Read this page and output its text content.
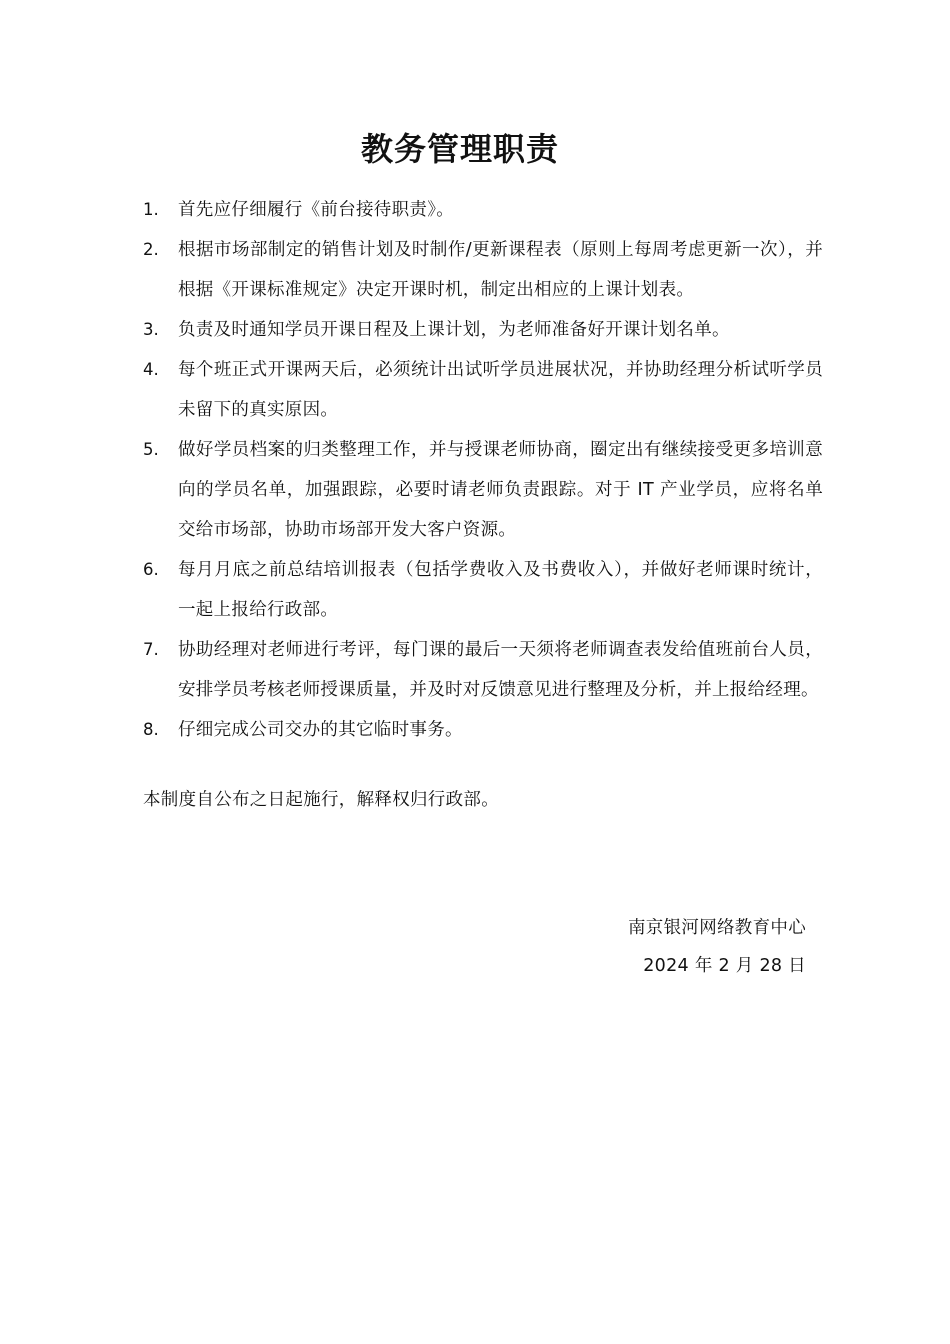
教务管理职责
1.	首先应仔细履行《前台接待职责》。
2.	根据市场部制定的销售计划及时制作/更新课程表（原则上每周考虑更新一次），并根据《开课标准规定》决定开课时机，制定出相应的上课计划表。
3.	负责及时通知学员开课日程及上课计划，为老师准备好开课计划名单。
4.	每个班正式开课两天后，必须统计出试听学员进展状况，并协助经理分析试听学员未留下的真实原因。
5.	做好学员档案的归类整理工作，并与授课老师协商，圈定出有继续接受更多培训意向的学员名单，加强跟踪，必要时请老师负责跟踪。对于 IT 产业学员，应将名单交给市场部，协助市场部开发大客户资源。
6.	每月月底之前总结培训报表（包括学费收入及书费收入），并做好老师课时统计，一起上报给行政部。
7.	协助经理对老师进行考评，每门课的最后一天须将老师调查表发给值班前台人员，安排学员考核老师授课质量，并及时对反馈意见进行整理及分析，并上报给经理。
8.	仔细完成公司交办的其它临时事务。
本制度自公布之日起施行，解释权归行政部。
南京银河网络教育中心
2024 年 2 月 28 日
